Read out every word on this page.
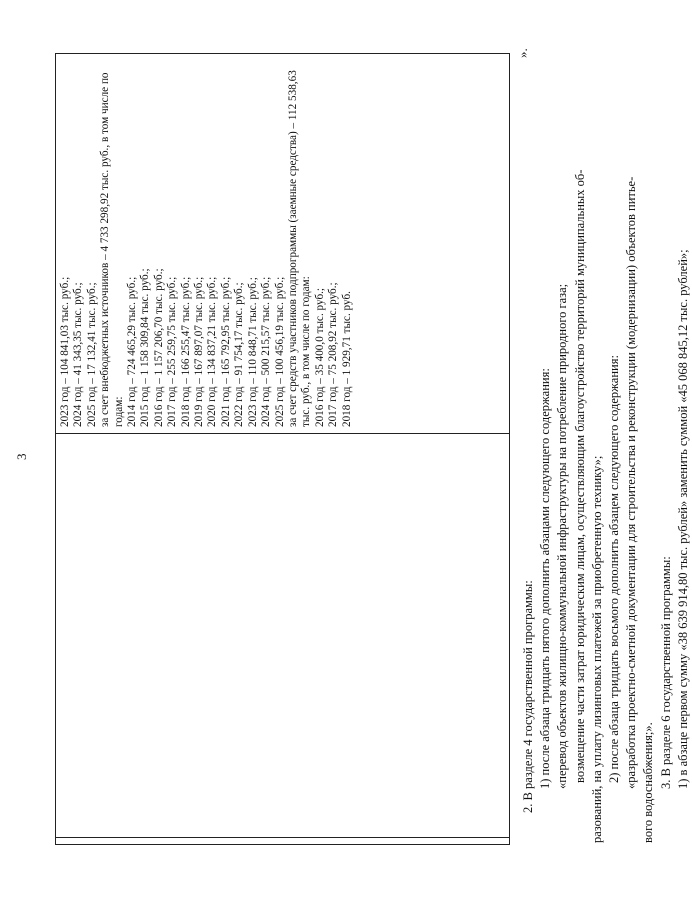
3
2023 год – 104 841,03 тыс. руб.; 2024 год – 41 343,35 тыс. руб.; 2025 год – 17 132,41 тыс. руб.; за счет внебюджетных источников – 4 733 298,92 тыс. руб., в том числе по годам: 2014 год – 724 465,29 тыс. руб.; 2015 год – 1 158 309,84 тыс. руб.; 2016 год – 1 157 206,70 тыс. руб.; 2017 год – 255 259,75 тыс. руб.; 2018 год – 166 255,47 тыс. руб.; 2019 год – 167 897,07 тыс. руб.; 2020 год – 134 837,21 тыс. руб.; 2021 год – 165 792,95 тыс. руб.; 2022 год – 91 754,17 тыс. руб.; 2023 год – 110 848,71 тыс. руб.; 2024 год – 500 215,57 тыс. руб.; 2025 год – 100 456,19 тыс. руб.; за счет средств участников подпрограммы (заемные средства) – 112 538,63 тыс. руб., в том числе по годам: 2016 год – 35 400,0 тыс. руб.; 2017 год – 75 208,92 тыс. руб.; 2018 год – 1 929,71 тыс. руб.
».
2. В разделе 4 государственной программы: 1) после абзаца тридцать пятого дополнить абзацами следующего содержания: «перевод объектов жилищно-коммунальной инфраструктуры на потребление природного газа; возмещение части затрат юридическим лицам, осуществляющим благоустройство территорий муниципальных об- разований, на уплату лизинговых платежей за приобретенную технику»; 2) после абзаца тридцать восьмого дополнить абзацем следующего содержания: «разработка проектно-сметной документации для строительства и реконструкции (модернизации) объектов питье- вого водоснабжения;». 3. В разделе 6 государственной программы: 1) в абзаце первом сумму «38 639 914,80 тыс. рублей» заменить суммой «45 068 845,12 тыс. рублей»;
